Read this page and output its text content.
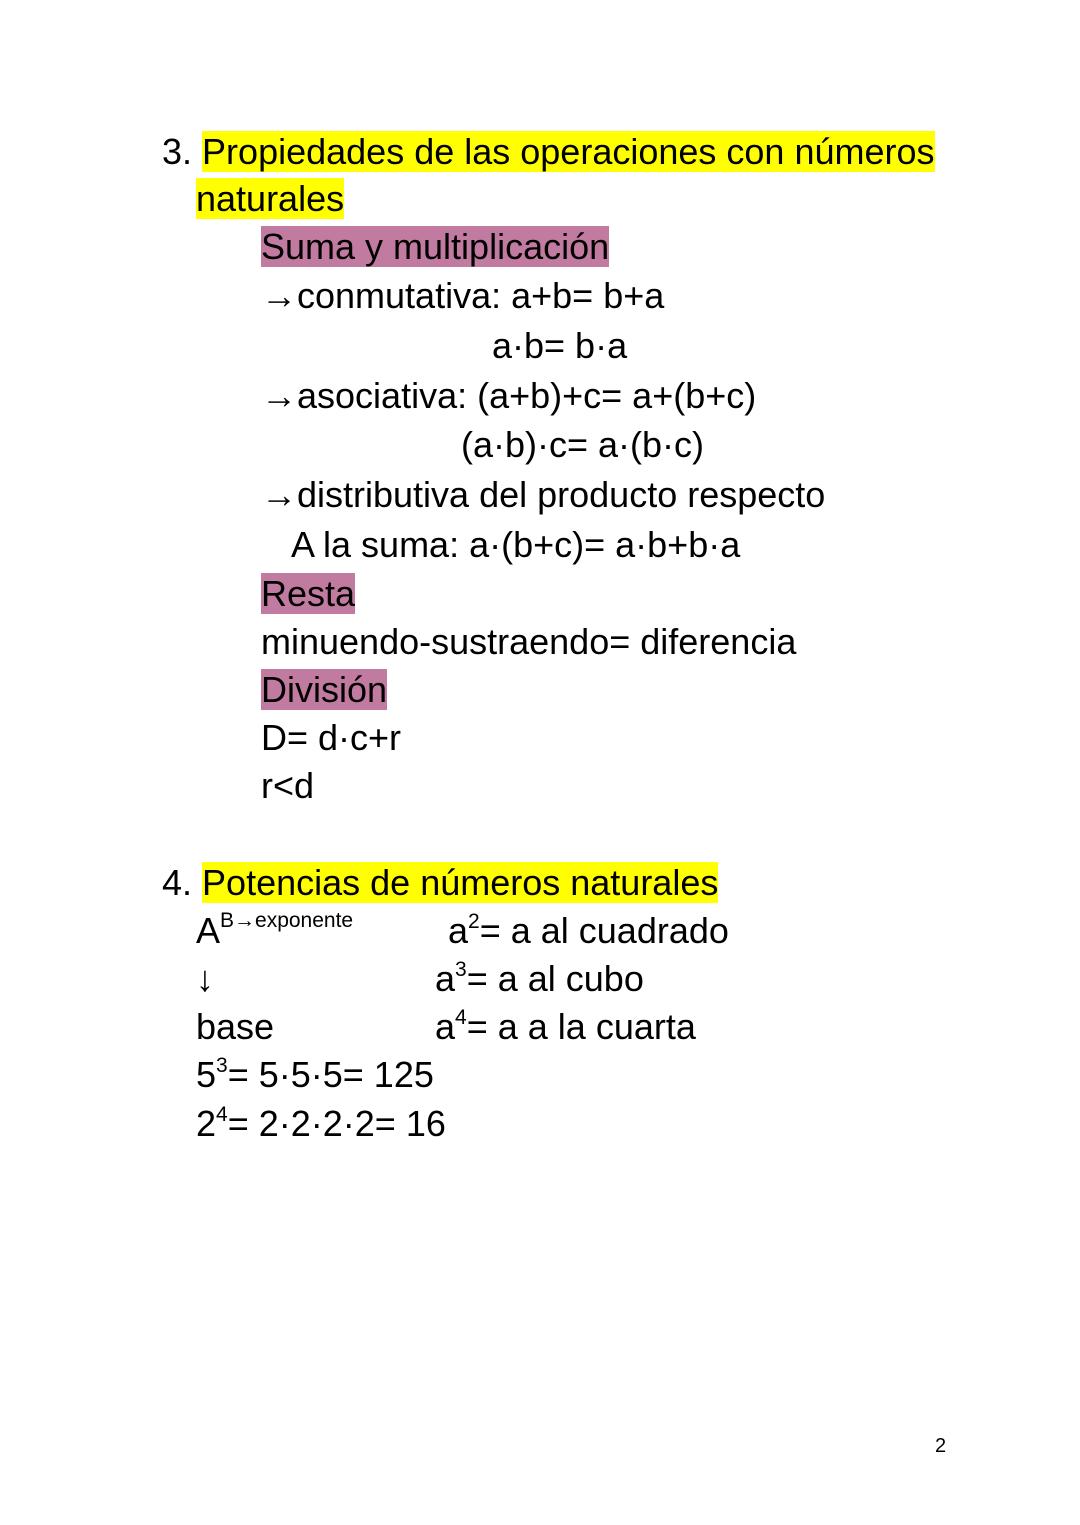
3. Propiedades de las operaciones con números
naturales
Suma y multiplicación
→conmutativa: a+b= b+a
a·b= b·a
→asociativa: (a+b)+c= a+(b+c)
(a·b)·c= a·(b·c)
→distributiva del producto respecto
A la suma: a·(b+c)= a·b+b·a
Resta
minuendo-sustraendo= diferencia
División
D= d·c+r
r<d
4. Potencias de números naturales
$A^{B\to exponente}$	$a^2= a$ al cuadrado
↓	$a^3= a$ al cubo
base	$a^4= a$ a la cuarta
$5^3= 5\cdot 5\cdot 5= 125$
$2^4= 2\cdot 2\cdot 2\cdot 2= 16$
2
